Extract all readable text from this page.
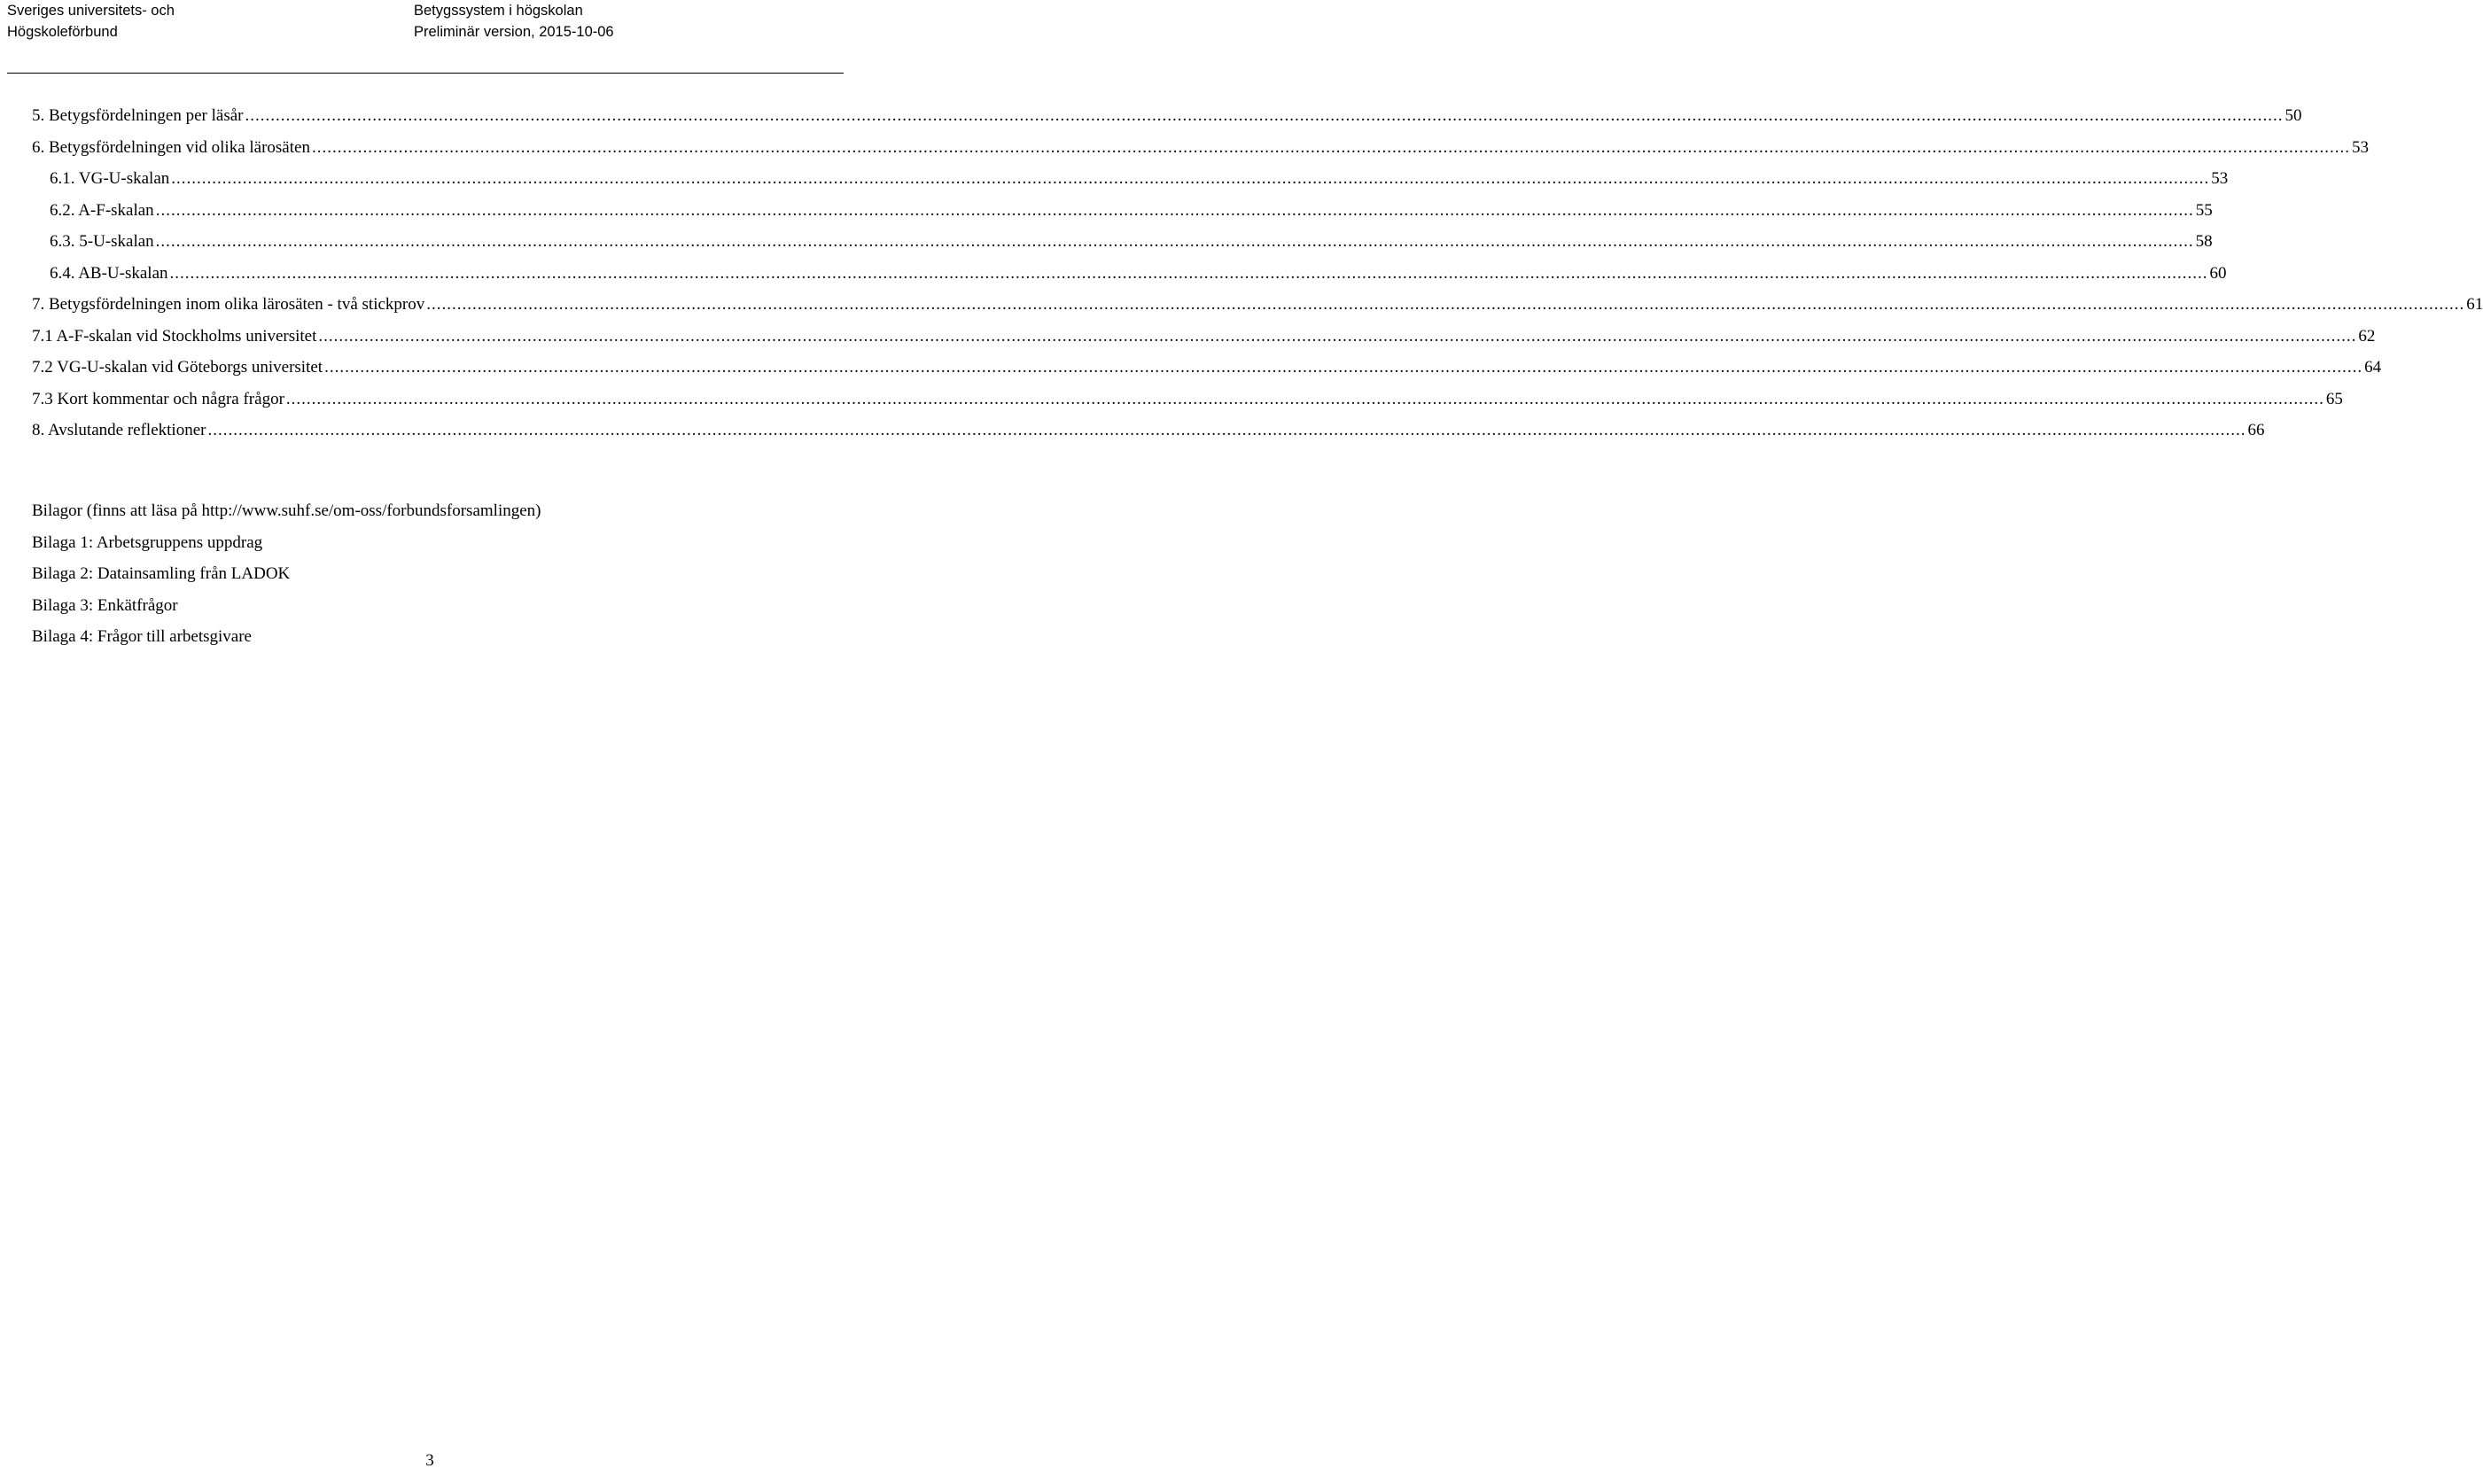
Sveriges universitets- och
Högskoleförbund
Betygssystem i högskolan
Preliminär version, 2015-10-06
5. Betygsfördelningen per läsår ................................................................................................................................................................................................................................................................................................................................................................................................................ 50
6. Betygsfördelningen vid olika lärosäten ................................................................................................................................................................................................................................................................................................................................................................................................................ 53
6.1. VG-U-skalan ................................................................................................................................................................................................................................................................................................................................................................................................................ 53
6.2. A-F-skalan ................................................................................................................................................................................................................................................................................................................................................................................................................ 55
6.3. 5-U-skalan ................................................................................................................................................................................................................................................................................................................................................................................................................ 58
6.4. AB-U-skalan ................................................................................................................................................................................................................................................................................................................................................................................................................ 60
7. Betygsfördelningen inom olika lärosäten - två stickprov ................................................................................................................................................................................................................................................................................................................................................................................................................ 61
7.1 A-F-skalan vid Stockholms universitet ................................................................................................................................................................................................................................................................................................................................................................................................................ 62
7.2 VG-U-skalan vid Göteborgs universitet ................................................................................................................................................................................................................................................................................................................................................................................................................ 64
7.3 Kort kommentar och några frågor ................................................................................................................................................................................................................................................................................................................................................................................................................ 65
8. Avslutande reflektioner ................................................................................................................................................................................................................................................................................................................................................................................................................ 66
Bilagor (finns att läsa på http://www.suhf.se/om-oss/forbundsforsamlingen)
Bilaga 1: Arbetsgruppens uppdrag
Bilaga 2: Datainsamling från LADOK
Bilaga 3: Enkätfrågor
Bilaga 4: Frågor till arbetsgivare
3
